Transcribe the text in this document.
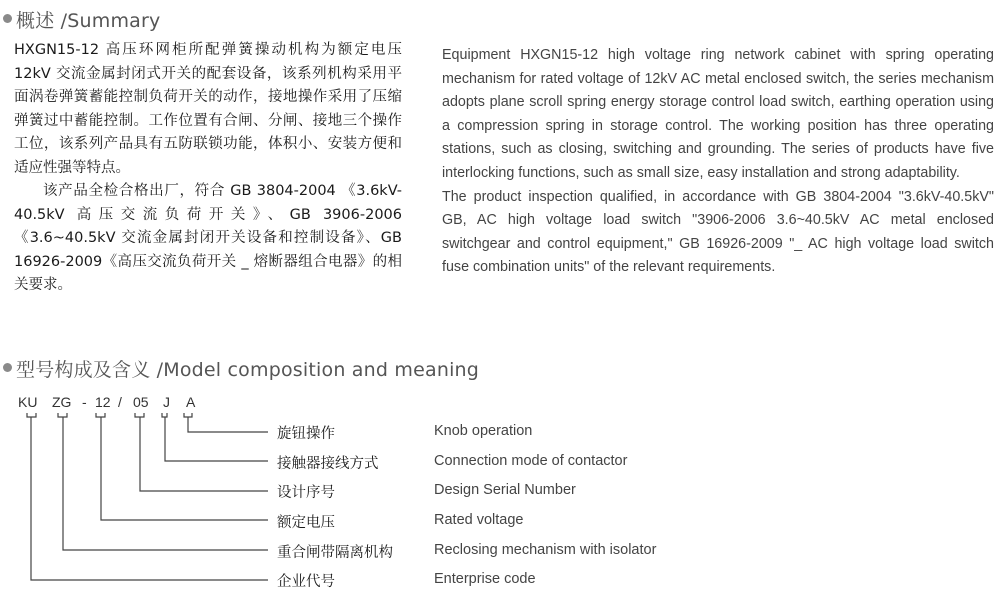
概述 /Summary

HXGN15-12 高压环网柜所配弹簧操动机构为额定电压 12kV 交流金属封闭式开关的配套设备，该系列机构采用平面涡卷弹簧蓄能控制负荷开关的动作，接地操作采用了压缩弹簧过中蓄能控制。工作位置有合闸、分闸、接地三个操作工位，该系列产品具有五防联锁功能，体积小、安装方便和适应性强等特点。

该产品全检合格出厂，符合 GB 3804-2004 《3.6kV-40.5kV 高压交流负荷开关》、GB 3906-2006《3.6~40.5kV 交流金属封闭开关设备和控制设备》、GB 16926-2009《高压交流负荷开关 _ 熔断器组合电器》的相关要求。

Equipment HXGN15-12 high voltage ring network cabinet with spring operating mechanism for rated voltage of 12kV AC metal enclosed switch, the series mechanism adopts plane scroll spring energy storage control load switch, earthing operation using a compression spring in storage control. The working position has three operating stations, such as closing, switching and grounding. The series of products have five interlocking functions, such as small size, easy installation and strong adaptability.

The product inspection qualified, in accordance with GB 3804-2004 "3.6kV-40.5kV" GB, AC high voltage load switch "3906-2006 3.6~40.5kV AC metal enclosed switchgear and control equipment," GB 16926-2009 "_ AC high voltage load switch fuse combination units" of the relevant requirements.

型号构成及含义 /Model composition and meaning
KU ZG - 12 / 05 J A
旋钮操作
接触器接线方式
设计序号
额定电压
重合闸带隔离机构
企业代号
Knob operation
Connection mode of contactor
Design Serial Number
Rated voltage
Reclosing mechanism with isolator
Enterprise code
